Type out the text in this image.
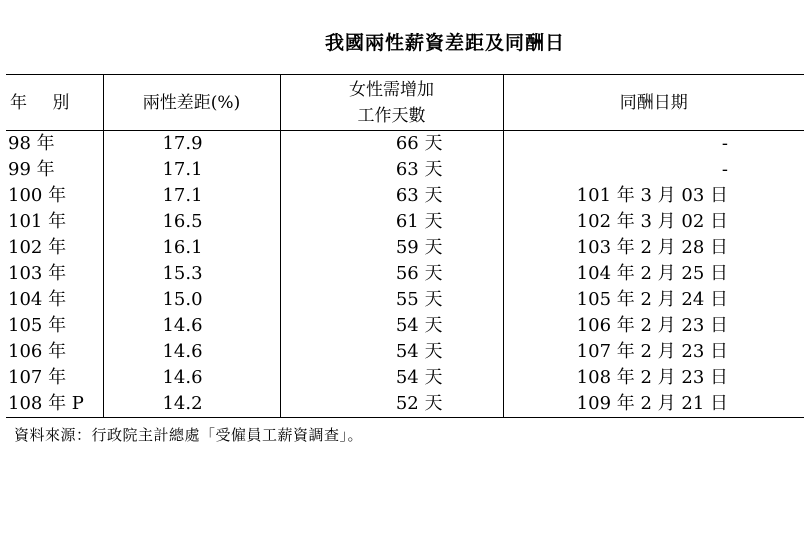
我國兩性薪資差距及同酬日
年 別	兩性差距(%)	女性需增加
工作天數	同酬日期
98 年	17.9	66 天	-
99 年	17.1	63 天	-
100 年	17.1	63 天	101 年 3 月 03 日
101 年	16.5	61 天	102 年 3 月 02 日
102 年	16.1	59 天	103 年 2 月 28 日
103 年	15.3	56 天	104 年 2 月 25 日
104 年	15.0	55 天	105 年 2 月 24 日
105 年	14.6	54 天	106 年 2 月 23 日
106 年	14.6	54 天	107 年 2 月 23 日
107 年	14.6	54 天	108 年 2 月 23 日
108 年 P	14.2	52 天	109 年 2 月 21 日
資料來源：行政院主計總處「受僱員工薪資調查」。
